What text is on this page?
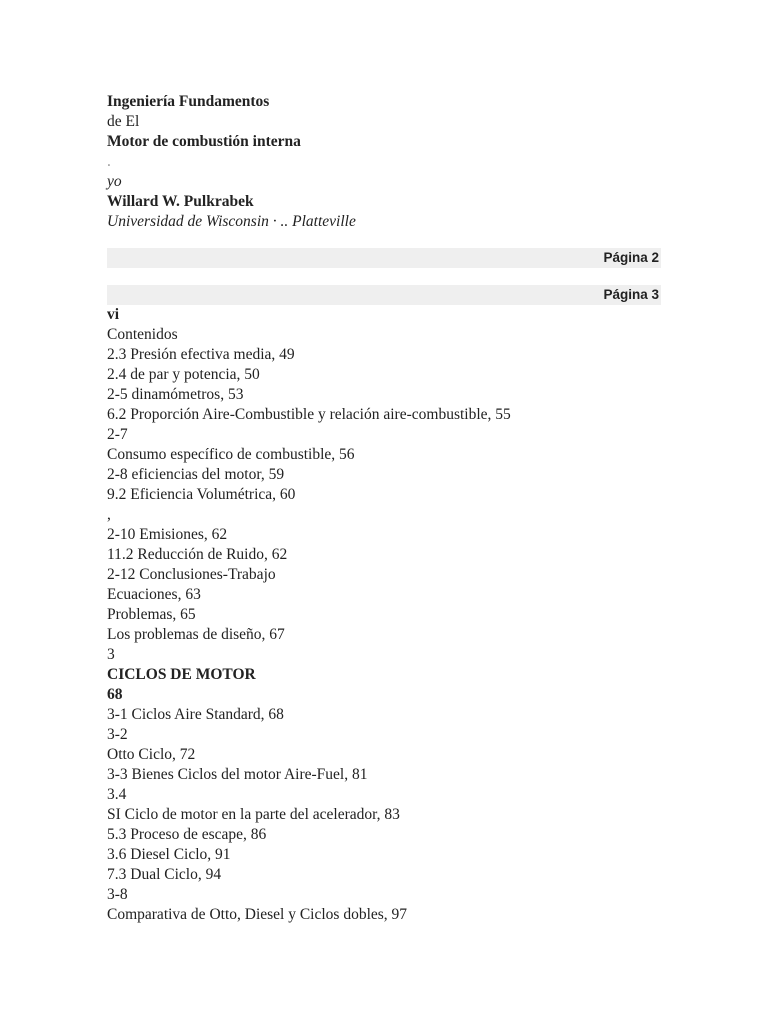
Ingeniería Fundamentos
de El
Motor de combustión interna
.
yo
Willard W. Pulkrabek
Universidad de Wisconsin · .. Platteville
Página 2
Página 3
vi
Contenidos
2.3 Presión efectiva media, 49
2.4 de par y potencia, 50
2-5 dinamómetros, 53
6.2 Proporción Aire-Combustible y relación aire-combustible, 55
2-7
Consumo específico de combustible, 56
2-8 eficiencias del motor, 59
9.2 Eficiencia Volumétrica, 60
,
2-10 Emisiones, 62
11.2 Reducción de Ruido, 62
2-12 Conclusiones-Trabajo
Ecuaciones, 63
Problemas, 65
Los problemas de diseño, 67
3
CICLOS DE MOTOR
68
3-1 Ciclos Aire Standard, 68
3-2
Otto Ciclo, 72
3-3 Bienes Ciclos del motor Aire-Fuel, 81
3.4
SI Ciclo de motor en la parte del acelerador, 83
5.3 Proceso de escape, 86
3.6 Diesel Ciclo, 91
7.3 Dual Ciclo, 94
3-8
Comparativa de Otto, Diesel y Ciclos dobles, 97
